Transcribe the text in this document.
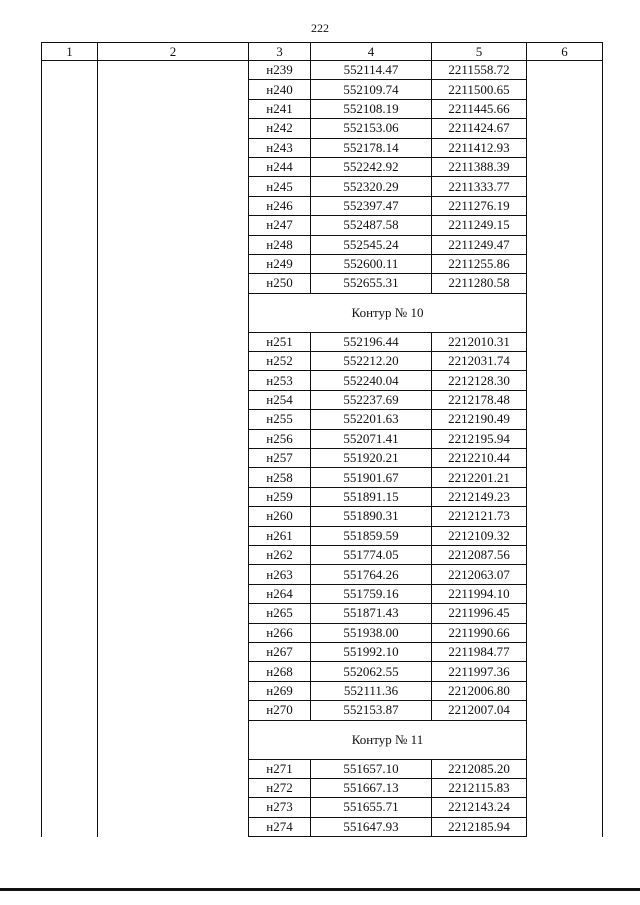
222
1	2	3	4	5	6
		н239	552114.47	2211558.72	
		н240	552109.74	2211500.65	
		н241	552108.19	2211445.66	
		н242	552153.06	2211424.67	
		н243	552178.14	2211412.93	
		н244	552242.92	2211388.39	
		н245	552320.29	2211333.77	
		н246	552397.47	2211276.19	
		н247	552487.58	2211249.15	
		н248	552545.24	2211249.47	
		н249	552600.11	2211255.86	
		н250	552655.31	2211280.58	
		Контур № 10			
		н251	552196.44	2212010.31	
		н252	552212.20	2212031.74	
		н253	552240.04	2212128.30	
		н254	552237.69	2212178.48	
		н255	552201.63	2212190.49	
		н256	552071.41	2212195.94	
		н257	551920.21	2212210.44	
		н258	551901.67	2212201.21	
		н259	551891.15	2212149.23	
		н260	551890.31	2212121.73	
		н261	551859.59	2212109.32	
		н262	551774.05	2212087.56	
		н263	551764.26	2212063.07	
		н264	551759.16	2211994.10	
		н265	551871.43	2211996.45	
		н266	551938.00	2211990.66	
		н267	551992.10	2211984.77	
		н268	552062.55	2211997.36	
		н269	552111.36	2212006.80	
		н270	552153.87	2212007.04	
		Контур № 11			
		н271	551657.10	2212085.20	
		н272	551667.13	2212115.83	
		н273	551655.71	2212143.24	
		н274	551647.93	2212185.94	
